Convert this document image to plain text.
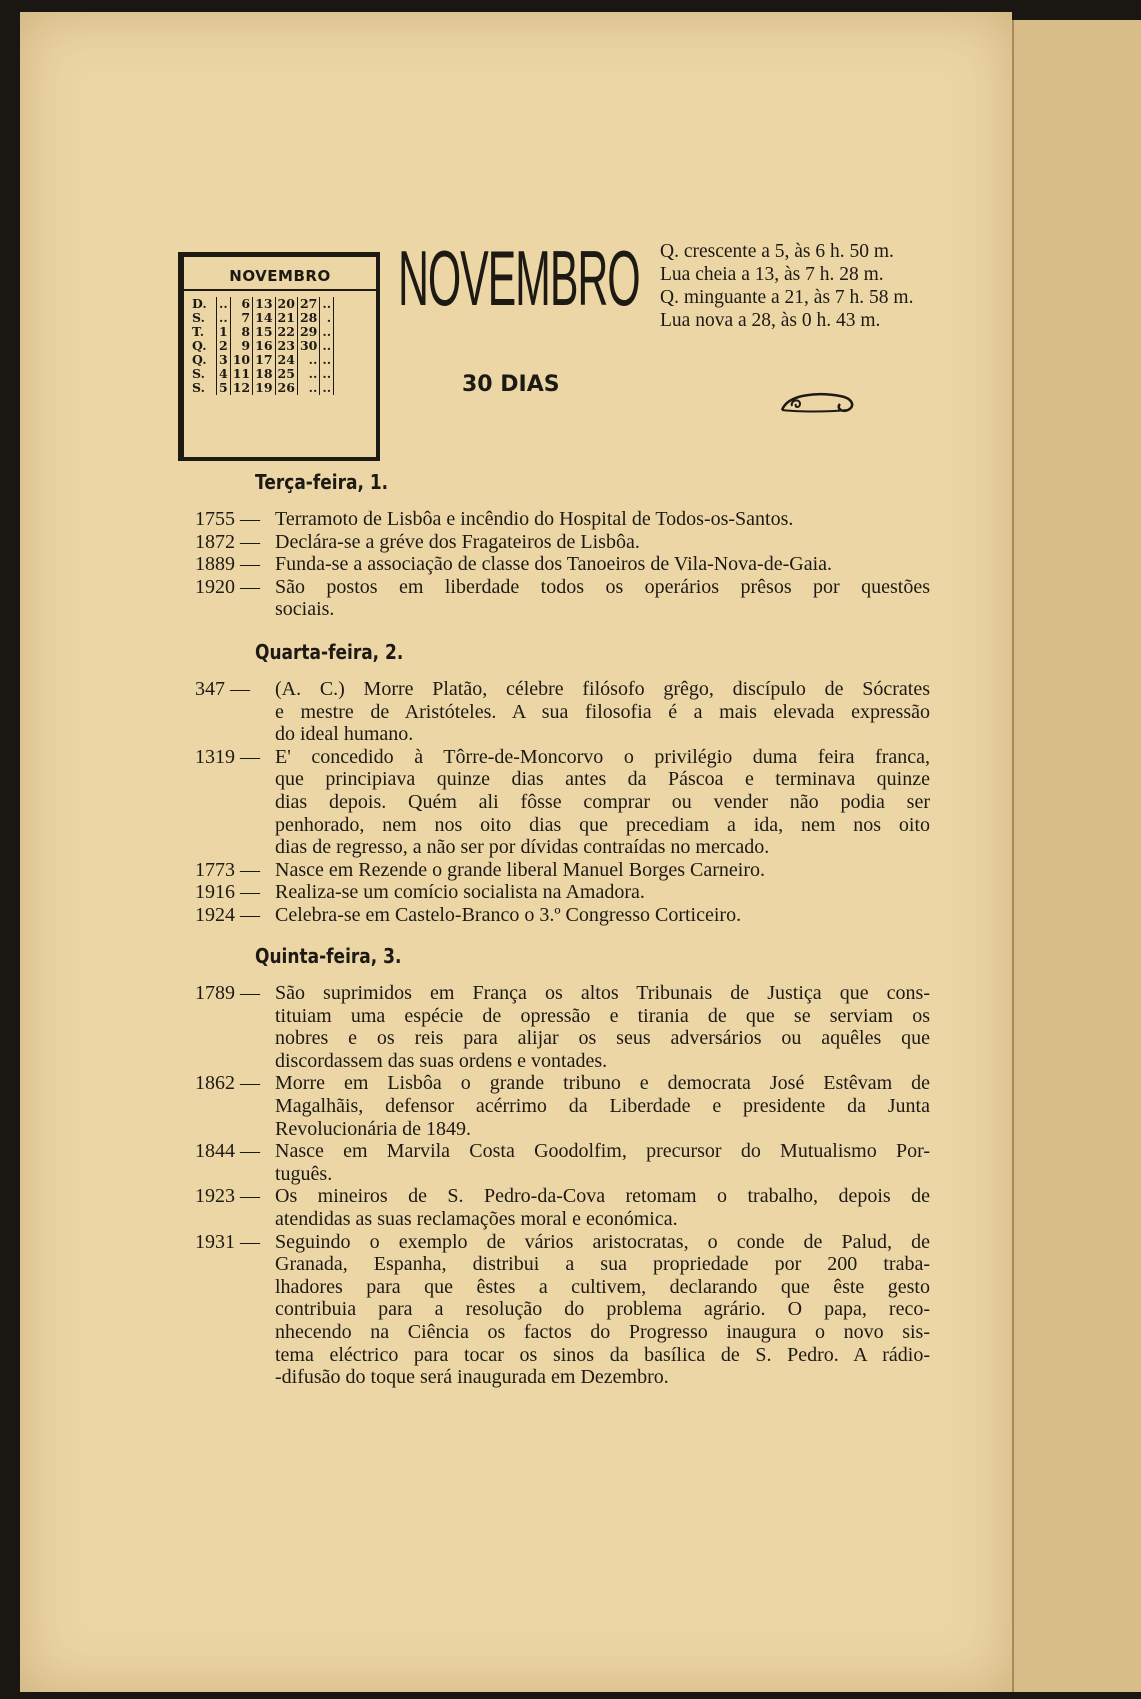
NOVEMBRO
D.	..	6	13	20	27	..
S.	..	7	14	21	28	.
T.	1	8	15	22	29	..
Q.	2	9	16	23	30	..
Q.	3	10	17	24	..	..
S.	4	11	18	25	..	..
S.	5	12	19	26	..	..
NOVEMBRO
30 DIAS
Q. crescente a 5, às 6 h. 50 m.
Lua cheia a 13, às 7 h. 28 m.
Q. minguante a 21, às 7 h. 58 m.
Lua nova a 28, às 0 h. 43 m.
Terça-feira, 1.
1755 — Terramoto de Lisbôa e incêndio do Hospital de Todos-os-Santos.
1872 — Declára-se a gréve dos Fragateiros de Lisbôa.
1889 — Funda-se a associação de classe dos Tanoeiros de Vila-Nova-de-Gaia.
1920 — São postos em liberdade todos os operários prêsos por questões
sociais.
Quarta-feira, 2.
347 —	(A. C.) Morre Platão, célebre filósofo grêgo, discípulo de Sócrates
e mestre de Aristóteles. A sua filosofia é a mais elevada expressão
do ideal humano.
1319 — E' concedido à Tôrre-de-Moncorvo o privilégio duma feira franca,
que principiava quinze dias antes da Páscoa e terminava quinze
dias depois. Quém ali fôsse comprar ou vender não podia ser
penhorado, nem nos oito dias que precediam a ida, nem nos oito
dias de regresso, a não ser por dívidas contraídas no mercado.
1773 — Nasce em Rezende o grande liberal Manuel Borges Carneiro.
1916 — Realiza-se um comício socialista na Amadora.
1924 — Celebra-se em Castelo-Branco o 3.º Congresso Corticeiro.
Quinta-feira, 3.
1789 — São suprimidos em França os altos Tribunais de Justiça que cons-
tituiam uma espécie de opressão e tirania de que se serviam os
nobres e os reis para alijar os seus adversários ou aquêles que
discordassem das suas ordens e vontades.
1862 — Morre em Lisbôa o grande tribuno e democrata José Estêvam de
Magalhãis, defensor acérrimo da Liberdade e presidente da Junta
Revolucionária de 1849.
1844 — Nasce em Marvila Costa Goodolfim, precursor do Mutualismo Por-
tuguês.
1923 — Os mineiros de S. Pedro-da-Cova retomam o trabalho, depois de
atendidas as suas reclamações moral e económica.
1931 — Seguindo o exemplo de vários aristocratas, o conde de Palud, de
Granada, Espanha, distribui a sua propriedade por 200 traba-
lhadores para que êstes a cultivem, declarando que êste gesto
contribuia para a resolução do problema agrário. O papa, reco-
nhecendo na Ciência os factos do Progresso inaugura o novo sis-
tema eléctrico para tocar os sinos da basílica de S. Pedro. A rádio-
-difusão do toque será inaugurada em Dezembro.
